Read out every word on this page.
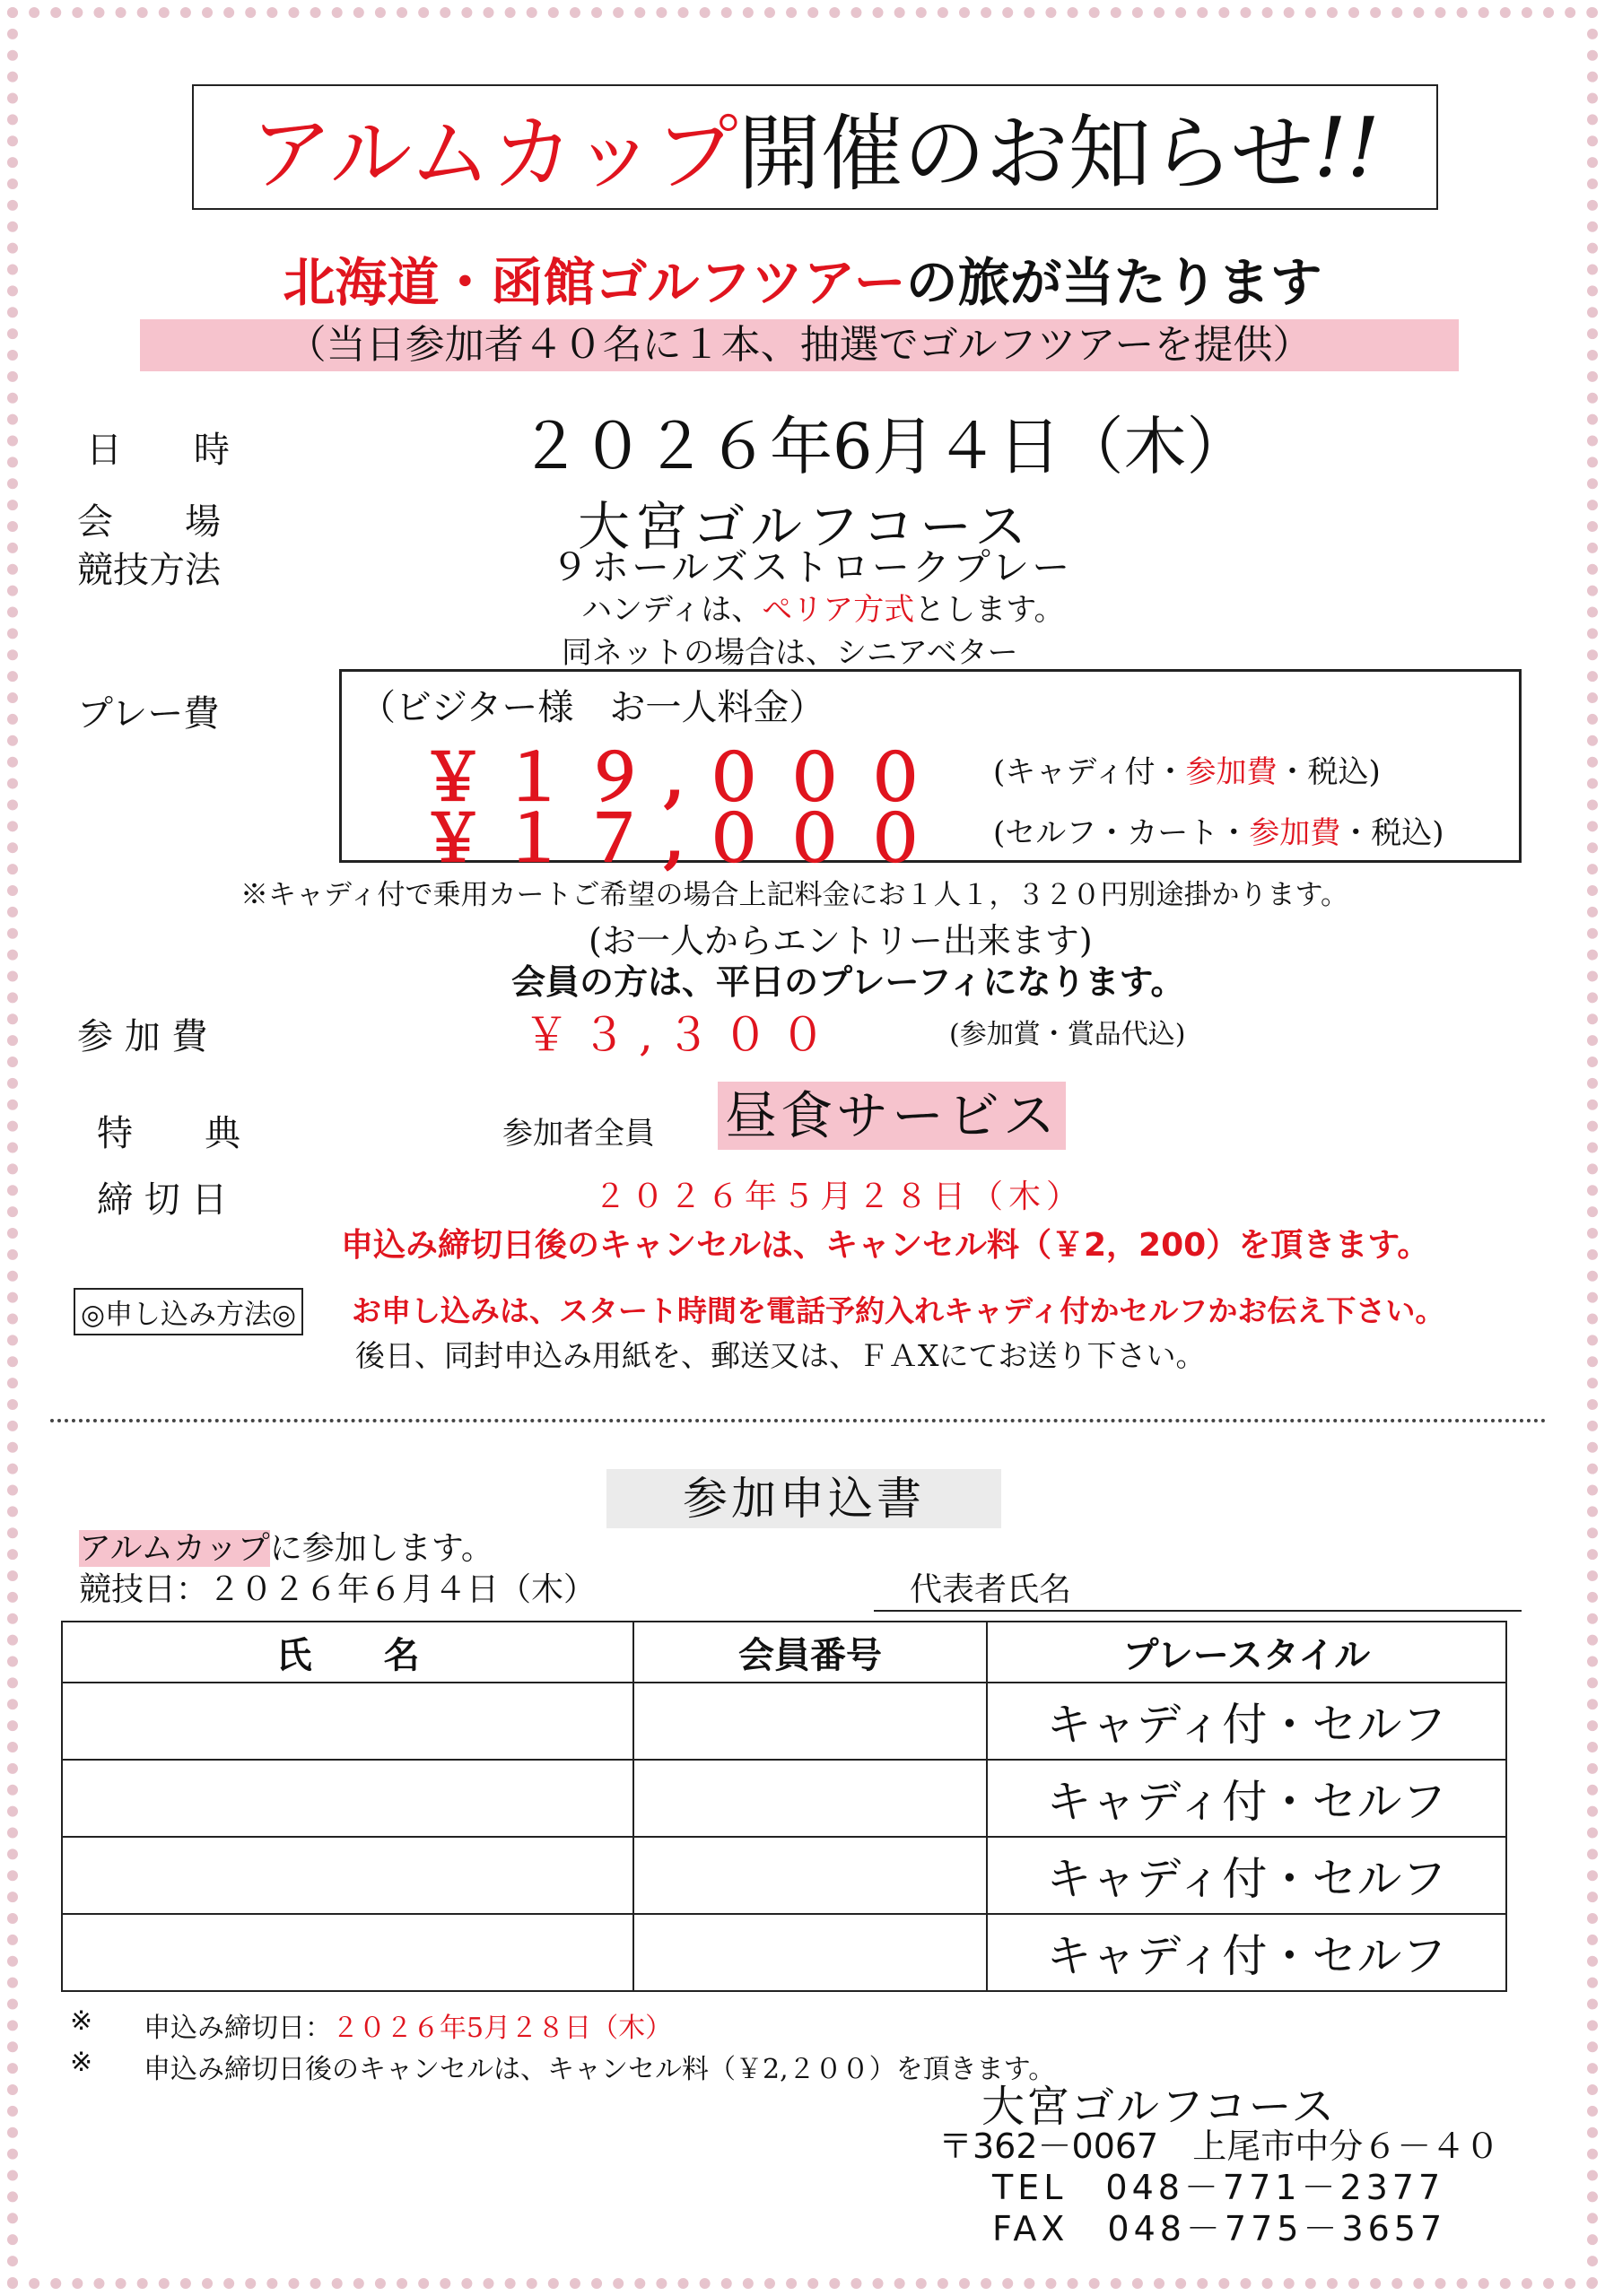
アルムカップ 開催のお知らせ !!
北海道・函館ゴルフツアーの旅が当たります
（当日参加者４０名に１本、抽選でゴルフツアーを提供）
日　　時	２０２６年6月４日（木）
会　　場	大宮ゴルフコース
競技方法	９ホールズストロークプレー
ハンディは、ペリア方式とします。
同ネットの場合は、シニアベター
プレー費	（ビジター様　お一人料金）
￥１９,０００ (キャディ付・参加費・税込)
￥１７,０００ (セルフ・カート・参加費・税込)
※キャディ付で乗用カートご希望の場合上記料金にお１人１，３２０円別途掛かります。
(お一人からエントリー出来ます)
会員の方は、平日のプレーフィになります。
参 加 費	￥３,３００	(参加賞・賞品代込)
特　　典	参加者全員 昼食サービス
締 切 日	２０２６年５月２８日（木）
申込み締切日後のキャンセルは、キャンセル料（￥2，200）を頂きます。
◎申し込み方法◎ お申し込みは、スタート時間を電話予約入れキャディ付かセルフかお伝え下さい。
後日、同封申込み用紙を、郵送又は、ＦＡXにてお送り下さい。
参加申込書
アルムカップに参加します。
競技日：２０２６年６月４日（木）	代表者氏名
氏　　名	会員番号	プレースタイル
		キャディ付・セルフ
		キャディ付・セルフ
		キャディ付・セルフ
		キャディ付・セルフ
※ 申込み締切日：２０２６年5月２８日（木）
※ 申込み締切日後のキャンセルは、キャンセル料（￥2,２００）を頂きます。
大宮ゴルフコース
〒362－0067　上尾市中分６－４０
TEL　048－771－2377
FAX　048－775－3657
